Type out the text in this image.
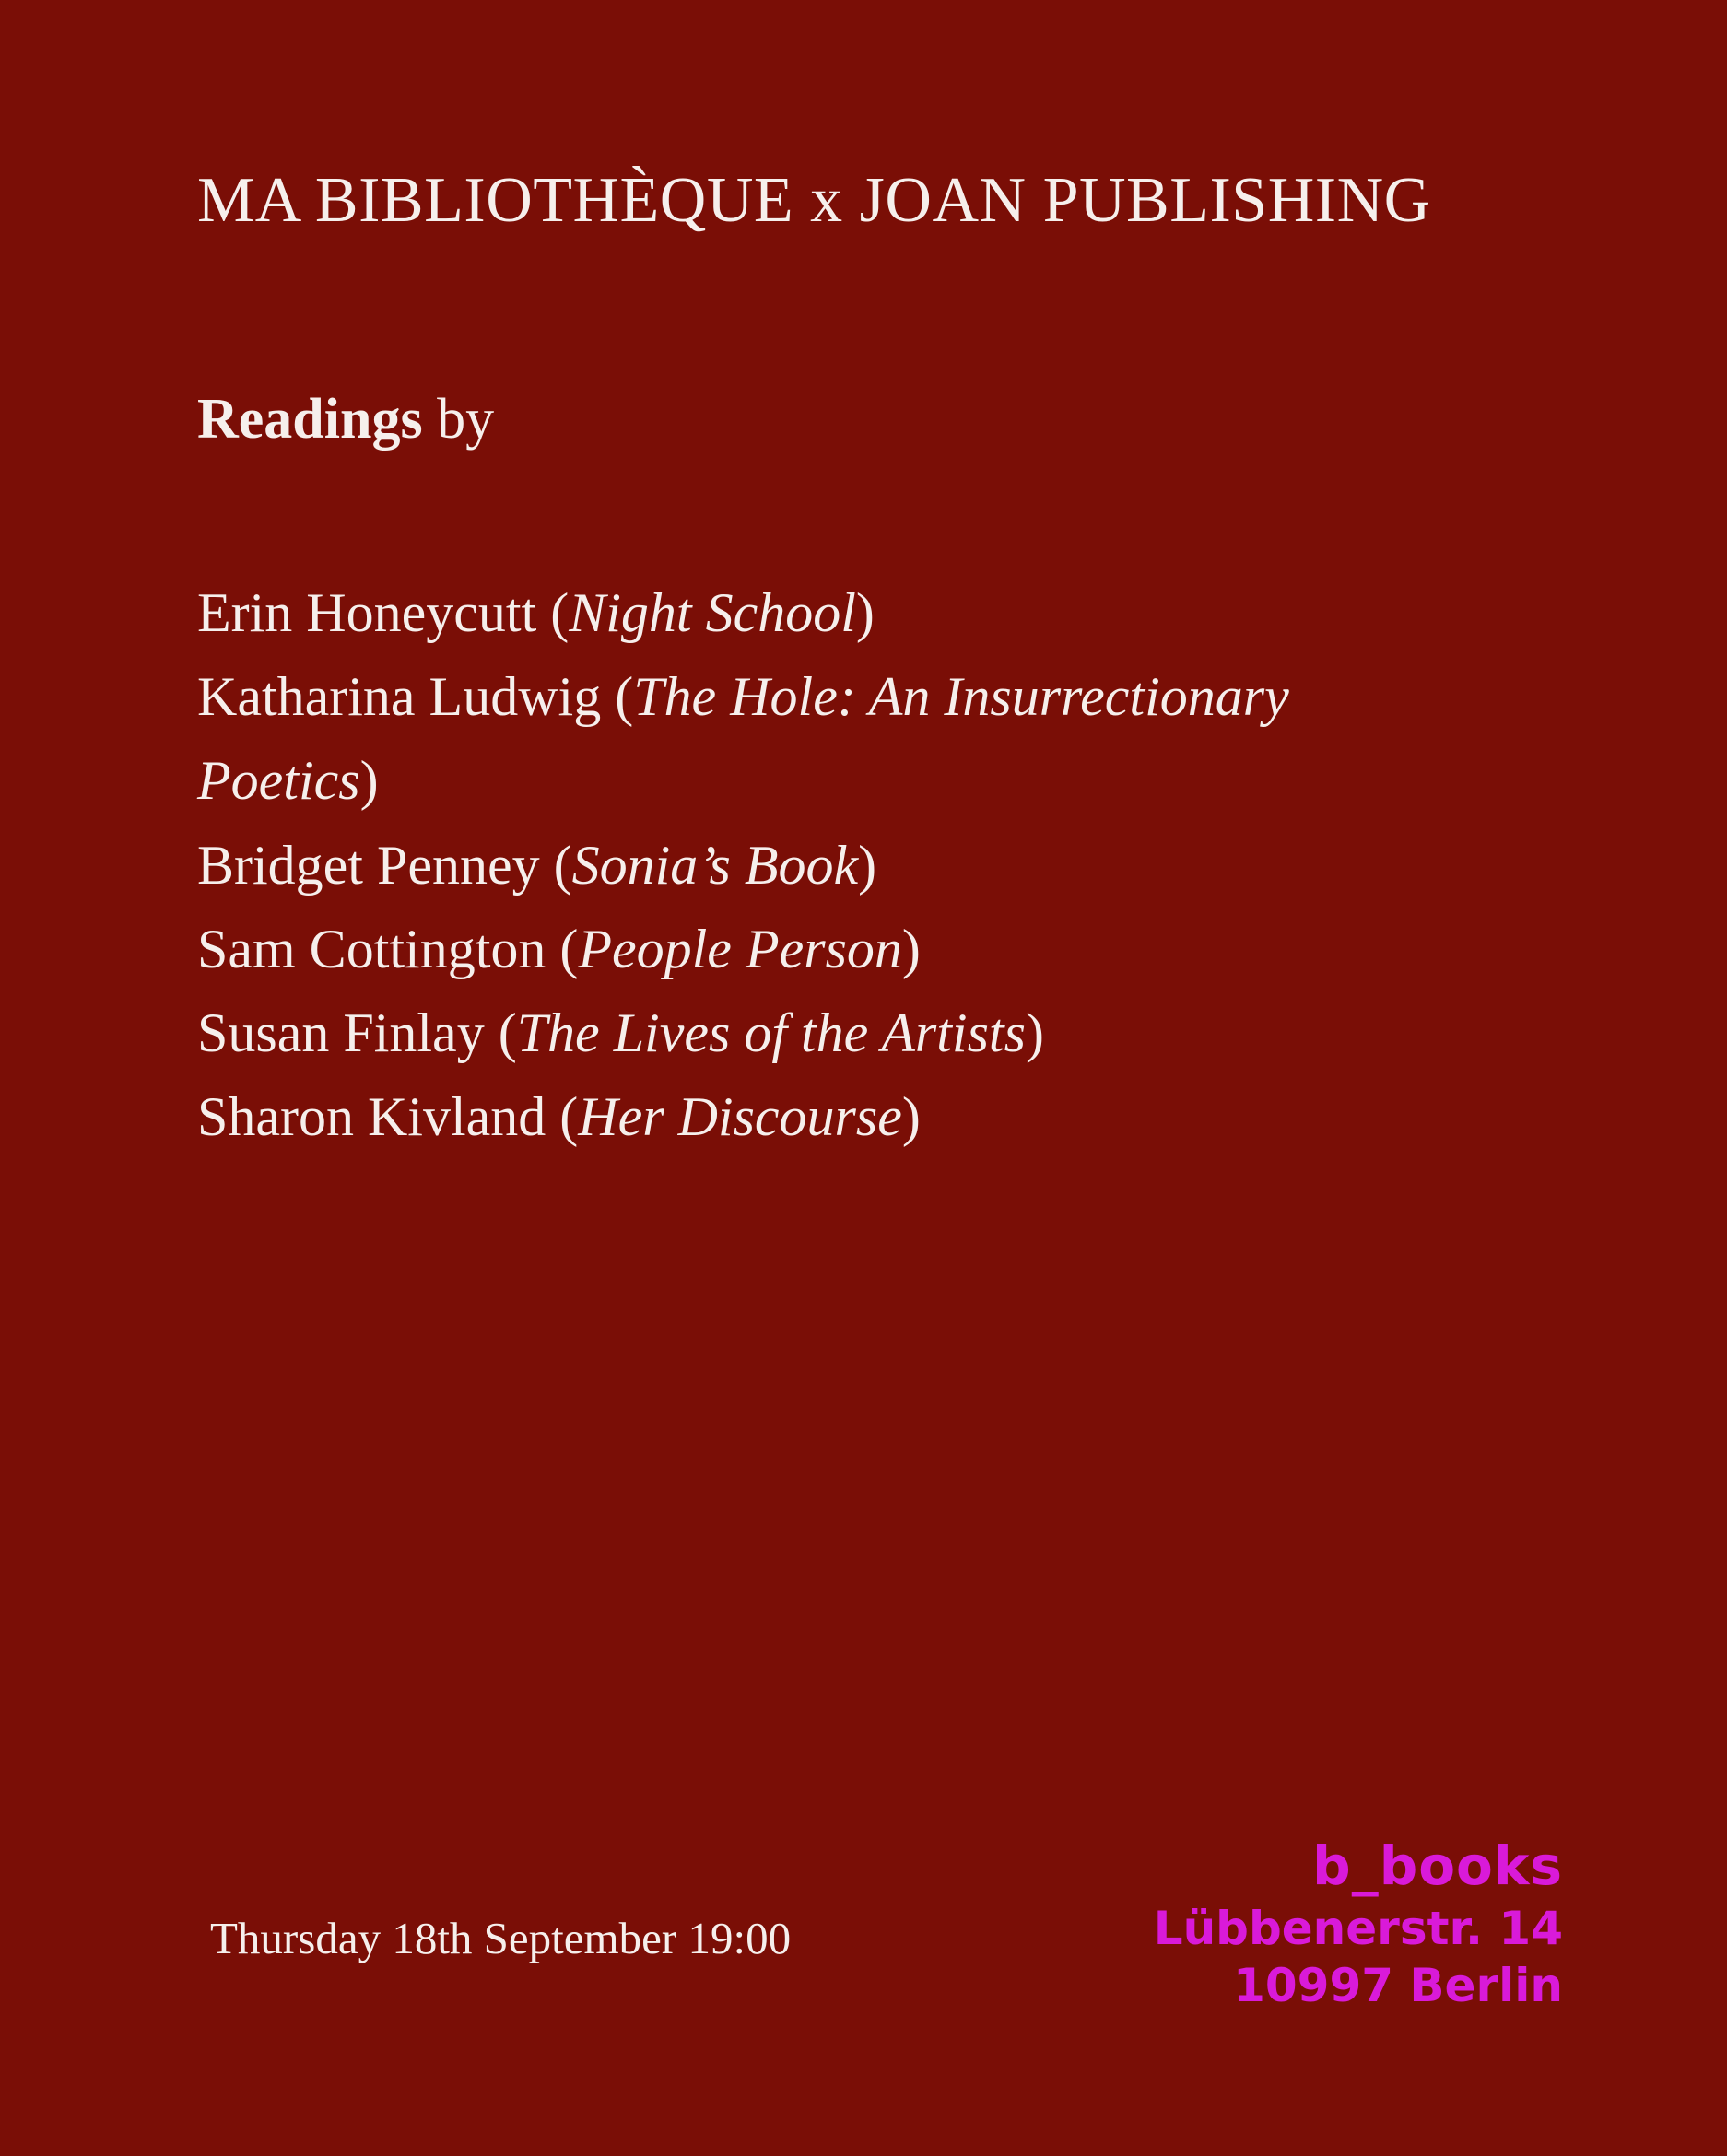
MA BIBLIOTHÈQUE x JOAN PUBLISHING
Readings by

Erin Honeycutt (Night School)

Katharina Ludwig (The Hole: An Insurrectionary Poetics)

Bridget Penney (Sonia’s Book)

Sam Cottington (People Person)

Susan Finlay (The Lives of the Artists)

Sharon Kivland (Her Discourse)

Thursday 18th September 19:00
b_books
Lübbenerstr. 14
10997 Berlin
